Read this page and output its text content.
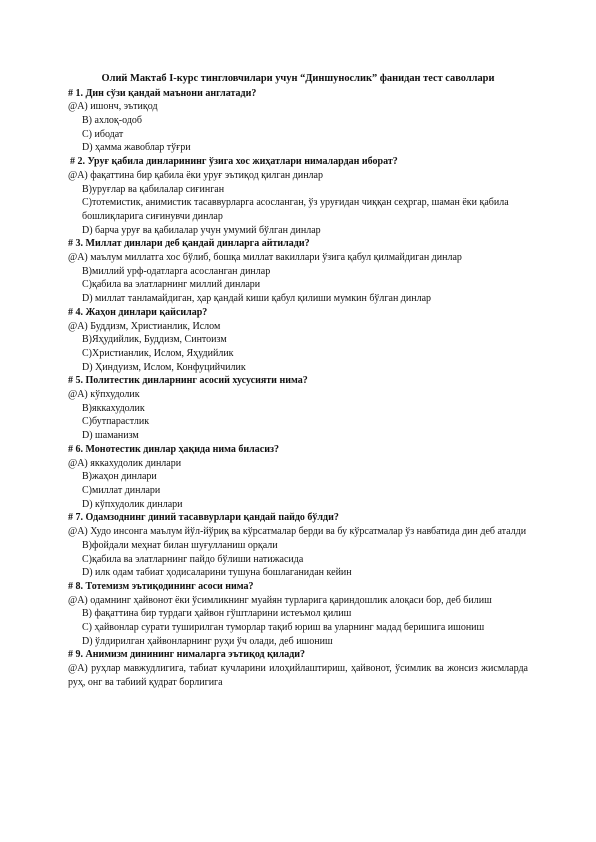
Олий Мактаб I-курс тингловчилари учун “Диншунослик” фанидан тест саволлари

# 1. Дин сўзи қандай маънони англатади?

@A) ишонч, эътиқод

B) ахлоқ-одоб

C) ибодат

D) ҳамма жавоблар тўғри

# 2. Уруғ қабила динларининг ўзига хос жиҳатлари нималардан иборат?

@A) фақаттина бир қабила ёки уруғ эътиқод қилган динлар

B)уруғлар ва қабилалар сиғинган

C)тотемистик, анимистик тасаввурларга асосланган, ўз уруғидан чиққан сеҳргар, шаман ёки қабила бошлиқларига сиғинувчи динлар

D) барча уруғ ва қабилалар учун умумий бўлган динлар

# 3. Миллат динлари деб қандай динларга айтилади?

@A) маълум миллатга хос бўлиб, бошқа миллат вакиллари ўзига қабул қилмайдиган динлар

B)миллий урф-одатларга асосланган динлар

C)қабила ва элатларнинг миллий динлари

D) миллат танламайдиган, ҳар қандай киши қабул қилиши мумкин бўлган динлар

# 4. Жаҳон динлари қайсилар?

@A) Буддизм, Христианлик, Ислом

B)Яҳудийлик, Буддизм, Синтоизм

C)Христианлик, Ислом, Яҳудийлик

D) Ҳиндуизм, Ислом, Конфуцийчилик

# 5. Политестик динларнинг асосий хусусияти нима?

@A) кўпхудолик

B)яккахудолик

C)бутпарастлик

D) шаманизм

# 6. Монотестик динлар ҳақида нима биласиз?

@A) яккахудолик динлари

B)жаҳон динлари

C)миллат динлари

D) кўпхудолик динлари

# 7. Одамзоднинг диний тасаввурлари қандай пайдо бўлди?

@A) Худо инсонга маълум йўл-йўриқ ва кўрсатмалар берди ва бу кўрсатмалар ўз навбатида дин деб аталди

B)фойдали меҳнат билан шуғулланиш орқали

C)қабила ва элатларнинг пайдо бўлиши натижасида

D) илк одам табиат ҳодисаларини тушуна бошлаганидан кейин

# 8. Тотемизм эътиқодининг асоси нима?

@A) одамнинг ҳайвонот ёки ўсимликнинг муайян турларига қариндошлик алоқаси бор, деб билиш

B) фақаттина бир турдаги ҳайвон гўштларини истеъмол қилиш

C) ҳайвонлар сурати туширилган туморлар тақиб юриш ва уларнинг мадад беришига ишониш

D) ўлдирилган ҳайвонларнинг руҳи ўч олади, деб ишониш

# 9. Анимизм динининг нималарга эътиқод қилади?

@A) руҳлар мавжудлигига, табиат кучларини илоҳийлаштириш, ҳайвонот, ўсимлик ва жонсиз жисмларда руҳ, онг ва табиий қудрат борлигига
